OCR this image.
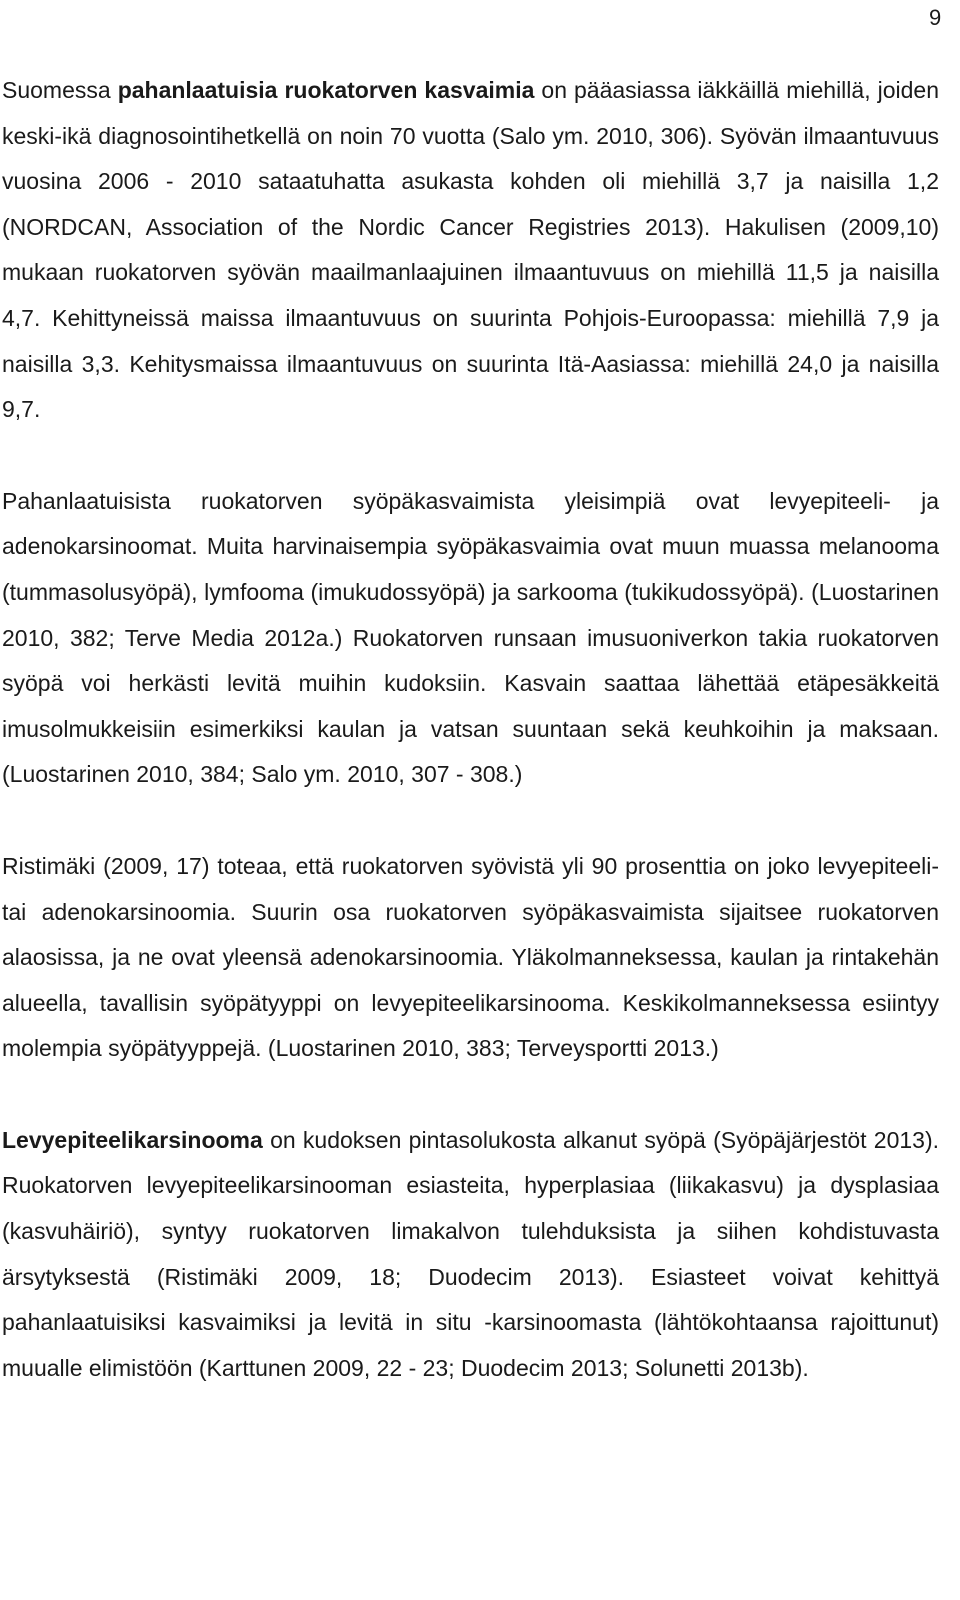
9

Suomessa pahanlaatuisia ruokatorven kasvaimia on pääasiassa iäkkäillä miehillä, joiden keski-ikä diagnosointihetkellä on noin 70 vuotta (Salo ym. 2010, 306). Syövän ilmaantuvuus vuosina 2006 - 2010 sataatuhatta asukasta kohden oli miehillä 3,7 ja naisilla 1,2 (NORDCAN, Association of the Nordic Cancer Registries 2013). Hakulisen (2009,10) mukaan ruokatorven syövän maailmanlaajuinen ilmaantuvuus on miehillä 11,5 ja naisilla 4,7. Kehittyneissä maissa ilmaantuvuus on suurinta Pohjois-Euroopassa: miehillä 7,9 ja naisilla 3,3. Kehitysmaissa ilmaantuvuus on suurinta Itä-Aasiassa: miehillä 24,0 ja naisilla 9,7.

Pahanlaatuisista ruokatorven syöpäkasvaimista yleisimpiä ovat levyepiteeli- ja adenokarsinoomat. Muita harvinaisempia syöpäkasvaimia ovat muun muassa melanooma (tummasolusyöpä), lymfooma (imukudossyöpä) ja sarkooma (tukikudossyöpä). (Luostarinen 2010, 382; Terve Media 2012a.) Ruokatorven runsaan imusuoniverkon takia ruokatorven syöpä voi herkästi levitä muihin kudoksiin. Kasvain saattaa lähettää etäpesäkkeitä imusolmukkeisiin esimerkiksi kaulan ja vatsan suuntaan sekä keuhkoihin ja maksaan. (Luostarinen 2010, 384; Salo ym. 2010, 307 - 308.)

Ristimäki (2009, 17) toteaa, että ruokatorven syövistä yli 90 prosenttia on joko levyepiteeli- tai adenokarsinoomia. Suurin osa ruokatorven syöpäkasvaimista sijaitsee ruokatorven alaosissa, ja ne ovat yleensä adenokarsinoomia. Yläkolmanneksessa, kaulan ja rintakehän alueella, tavallisin syöpätyyppi on levyepiteelikarsinooma. Keskikolmanneksessa esiintyy molempia syöpätyyppejä. (Luostarinen 2010, 383; Terveysportti 2013.)

Levyepiteelikarsinooma on kudoksen pintasolukosta alkanut syöpä (Syöpäjärjestöt 2013). Ruokatorven levyepiteelikarsinooman esiasteita, hyperplasiaa (liikakasvu) ja dysplasiaa (kasvuhäiriö), syntyy ruokatorven limakalvon tulehduksista ja siihen kohdistuvasta ärsytyksestä (Ristimäki 2009, 18; Duodecim 2013). Esiasteet voivat kehittyä pahanlaatuisiksi kasvaimiksi ja levitä in situ -karsinoomasta (lähtökohtaansa rajoittunut) muualle elimistöön (Karttunen 2009, 22 - 23; Duodecim 2013; Solunetti 2013b).
